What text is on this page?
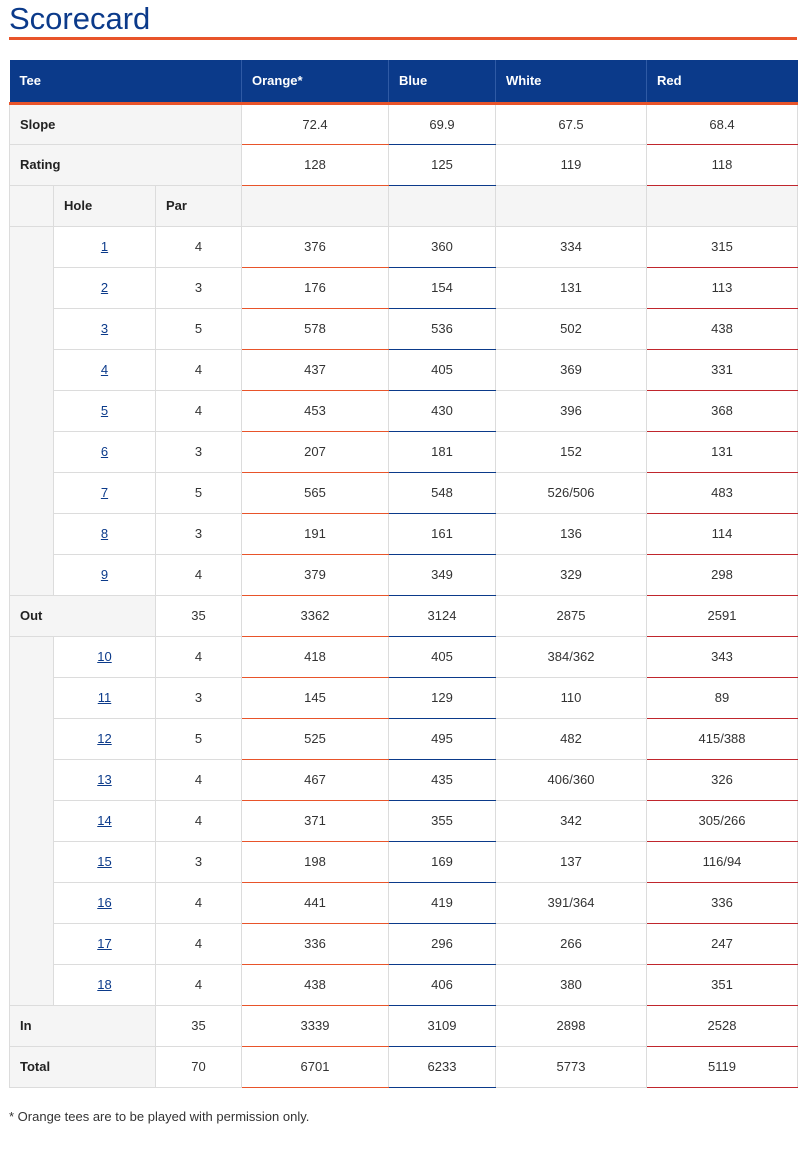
Scorecard
Tee			Orange*	Blue	White	Red
Slope			72.4	69.9	67.5	68.4
Rating			128	125	119	118
	Hole	Par				
	1	4	376	360	334	315
	2	3	176	154	131	113
	3	5	578	536	502	438
	4	4	437	405	369	331
	5	4	453	430	396	368
	6	3	207	181	152	131
	7	5	565	548	526/506	483
	8	3	191	161	136	114
	9	4	379	349	329	298
Out		35	3362	3124	2875	2591
	10	4	418	405	384/362	343
	11	3	145	129	110	89
	12	5	525	495	482	415/388
	13	4	467	435	406/360	326
	14	4	371	355	342	305/266
	15	3	198	169	137	116/94
	16	4	441	419	391/364	336
	17	4	336	296	266	247
	18	4	438	406	380	351
In		35	3339	3109	2898	2528
Total		70	6701	6233	5773	5119

* Orange tees are to be played with permission only.
